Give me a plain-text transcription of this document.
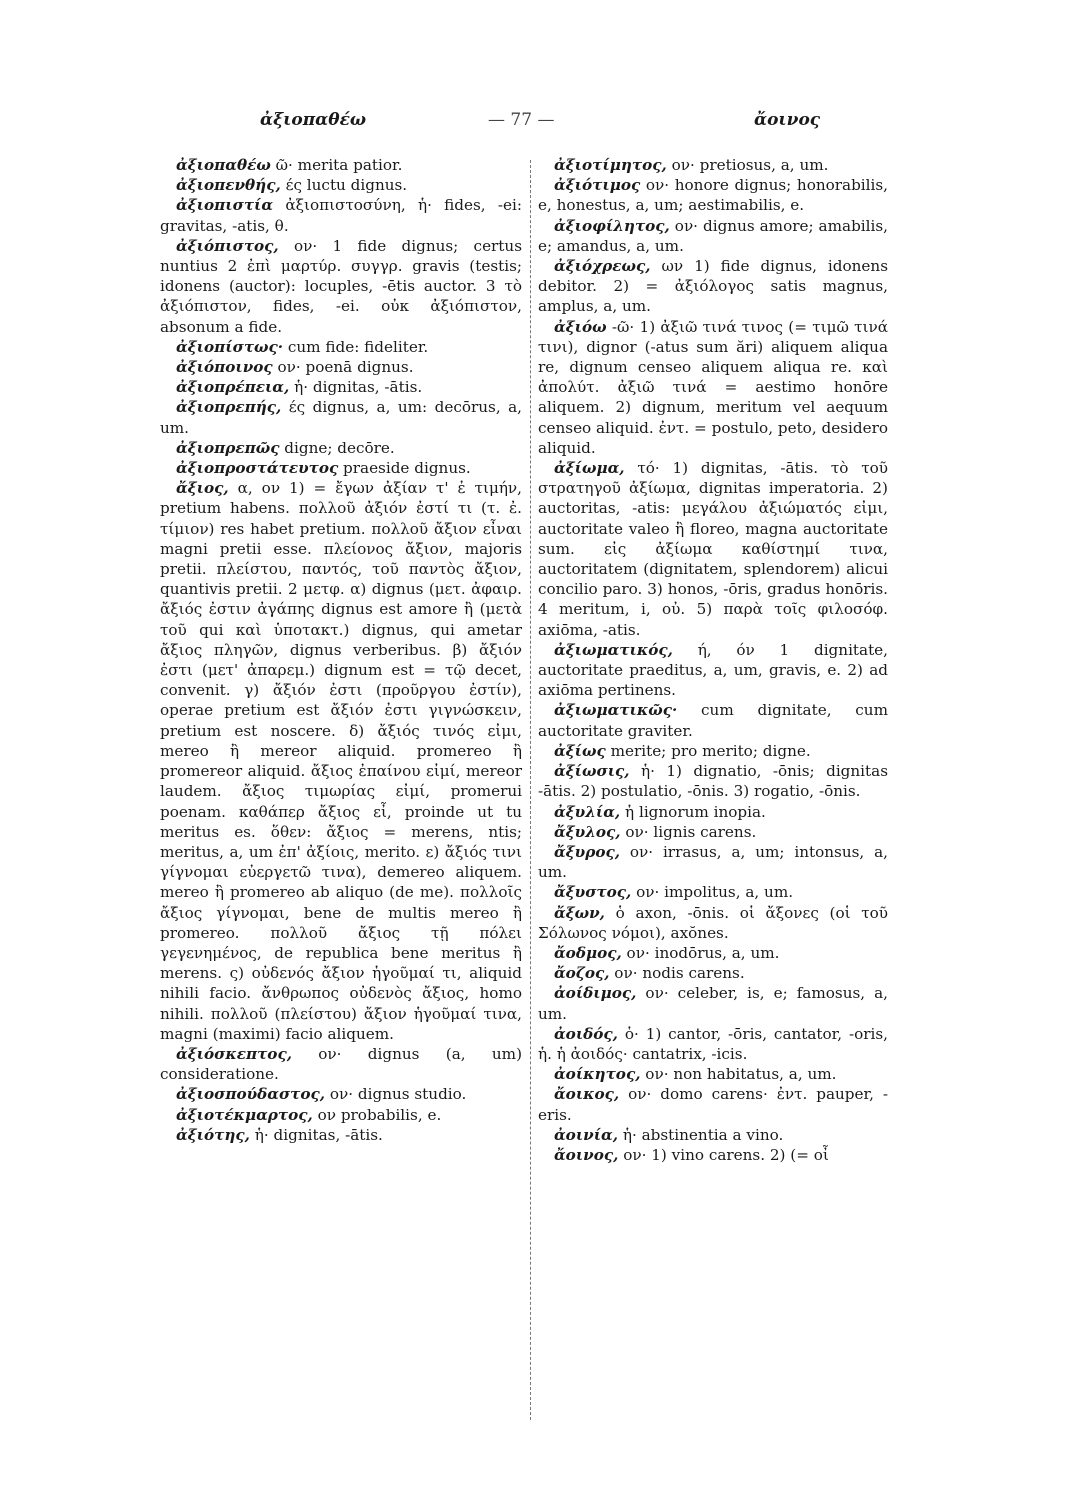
ἀξιοπαθέω	— 77 —	ἄοινος

ἀξιοπαθέω ῶ· merita patior.

ἀξιοπενθής, ές luctu dignus.

ἀξιοπιστία ἀξιοπιστοσύνη, ἡ· fides, -ei: gravitas, -atis, θ.

ἀξιόπιστος, ον· 1 fide dignus; certus nuntius 2 ἐπὶ μαρτύρ. συγγρ. gravis (testis; idonens (auctor): locuples, -ētis auctor. 3 τὸ ἀξιόπιστον, fides, -ei. οὐκ ἀξιόπιστον, absonum a fide.

ἀξιοπίστως· cum fide: fideliter.

ἀξιόποινος ον· poenā dignus.

ἀξιοπρέπεια, ἡ· dignitas, -ātis.

ἀξιοπρεπής, ές dignus, a, um: decōrus, a, um.

ἀξιοπρεπῶς digne; decōre.

ἀξιοπροστάτευτος praeside dignus.

ἄξιος, α, ον 1) = ἔγων ἀξίαν τ' ἐ τιμήν, pretium habens. πολλοῦ ἀξιόν ἐστί τι (τ. ἐ. τίμιον) res habet pretium. πολλοῦ ἄξιον εἶναι magni pretii esse. πλείονος ἄξιον, majoris pretii. πλείστου, παντός, τοῦ παντὸς ἄξιον, quantivis pretii. 2 μετφ. α) dignus (μετ. ἀφαιρ. ἄξιός ἐστιν ἀγάπης dignus est amore ἢ (μετὰ τοῦ qui καὶ ὑποτακτ.) dignus, qui ametar ἄξιος πληγῶν, dignus verberibus. β) ἄξιόν ἐστι (μετ' ἀπαρεμ.) dignum est = τῷ decet, convenit. γ) ἄξιόν ἐστι (προῦργου ἐστίν), operae pretium est ἄξιόν ἐστι γιγνώσκειν, pretium est noscere. δ) ἄξιός τινός εἰμι, mereo ἢ mereor aliquid. promereo ἢ promereor aliquid. ἄξιος ἐπαίνου εἰμί, mereor laudem. ἄξιος τιμωρίας εἰμί, promerui poenam. καθάπερ ἄξιος εἶ, proinde ut tu meritus es. ὅθεν: ἄξιος = merens, ntis; meritus, a, um ἐπ' ἀξίοις, merito. ε) ἄξιός τινι γίγνομαι εὐεργετῶ τινα), demereo aliquem. mereo ἢ promereo ab aliquo (de me). πολλοῖς ἄξιος γίγνομαι, bene de multis mereo ἢ promereo. πολλοῦ ἄξιος τῇ πόλει γεγενημένος, de republica bene meritus ἢ merens. ς) οὐδενός ἄξιον ἡγοῦμαί τι, aliquid nihili facio. ἄνθρωπος οὐδενὸς ἄξιος, homo nihili. πολλοῦ (πλείστου) ἄξιον ἡγοῦμαί τινα, magni (maximi) facio aliquem.

ἀξιόσκεπτος, ον· dignus (a, um) consideratione.

ἀξιοσπούδαστος, ον· dignus studio.

ἀξιοτέκμαρτος, ον probabilis, e.

ἀξιότης, ἡ· dignitas, -ātis.

ἀξιοτίμητος, ον· pretiosus, a, um.

ἀξιότιμος ον· honore dignus; honorabilis, e, honestus, a, um; aestimabilis, e.

ἀξιοφίλητος, ον· dignus amore; amabilis, e; amandus, a, um.

ἀξιόχρεως, ων 1) fide dignus, idonens debitor. 2) = ἀξιόλογος satis magnus, amplus, a, um.

ἀξιόω -ῶ· 1) ἀξιῶ τινά τινος (= τιμῶ τινά τινι), dignor (-atus sum ări) aliquem aliqua re, dignum censeo aliquem aliqua re. καὶ ἀπολύτ. ἀξιῶ τινά = aestimo honōre aliquem. 2) dignum, meritum vel aequum censeo aliquid. ἐντ. = postulo, peto, desidero aliquid.

ἀξίωμα, τό· 1) dignitas, -ātis. τὸ τοῦ στρατηγοῦ ἀξίωμα, dignitas imperatoria. 2) auctoritas, -atis: μεγάλου ἀξιώματός εἰμι, auctoritate valeo ἢ floreo, magna auctoritate sum. εἰς ἀξίωμα καθίστημί τινα, auctoritatem (dignitatem, splendorem) alicui concilio paro. 3) honos, -ōris, gradus honōris. 4 meritum, i, οὐ. 5) παρὰ τοῖς φιλοσόφ. axiōma, -atis.

ἀξιωματικός, ή, όν 1 dignitate, auctoritate praeditus, a, um, gravis, e. 2) ad axiōma pertinens.

ἀξιωματικῶς· cum dignitate, cum auctoritate graviter.

ἀξίως merite; pro merito; digne.

ἀξίωσις, ἡ· 1) dignatio, -ōnis; dignitas -ātis. 2) postulatio, -ōnis. 3) rogatio, -ōnis.

ἀξυλία, ἡ lignorum inopia.

ἄξυλος, ον· lignis carens.

ἄξυρος, ον· irrasus, a, um; intonsus, a, um.

ἄξυστος, ον· impolitus, a, um.

ἄξων, ὁ axon, -ōnis. οἱ ἄξονες (οἱ τοῦ Σόλωνος νόμοι), axŏnes.

ἄοδμος, ον· inodōrus, a, um.

ἄοζος, ον· nodis carens.

ἀοίδιμος, ον· celeber, is, e; famosus, a, um.

ἀοιδός, ὁ· 1) cantor, -ōris, cantator, -oris, ἡ. ἡ ἀοιδός· cantatrix, -icis.

ἀοίκητος, ον· non habitatus, a, um.

ἄοικος, ον· domo carens· ἐντ. pauper, -eris.

ἀοινία, ἡ· abstinentia a vino.

ἄοινος, ον· 1) vino carens. 2) (= οἶ
